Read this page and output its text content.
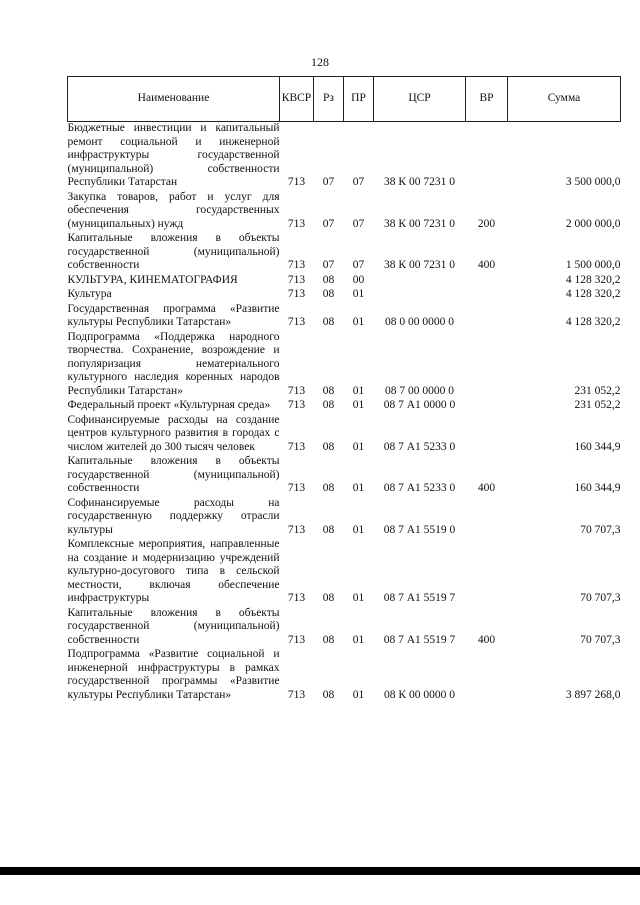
128
Наименование	КВСР	Рз	ПР	ЦСР	ВР	Сумма
Бюджетные инвестиции и капитальный ремонт социальной и инженерной инфраструктуры государственной (муниципальной) собственности Республики Татарстан	713	07	07	38 К 00 7231 0		3 500 000,0
Закупка товаров, работ и услуг для обеспечения государственных (муниципальных) нужд	713	07	07	38 К 00 7231 0	200	2 000 000,0
Капитальные вложения в объекты государственной (муниципальной) собственности	713	07	07	38 К 00 7231 0	400	1 500 000,0
КУЛЬТУРА, КИНЕМАТОГРАФИЯ	713	08	00			4 128 320,2
Культура	713	08	01			4 128 320,2
Государственная программа «Развитие культуры Республики Татарстан»	713	08	01	08 0 00 0000 0		4 128 320,2
Подпрограмма «Поддержка народного творчества. Сохранение, возрождение и популяризация нематериального культурного наследия коренных народов Республики Татарстан»	713	08	01	08 7 00 0000 0		231 052,2
Федеральный проект «Культурная среда»	713	08	01	08 7 А1 0000 0		231 052,2
Софинансируемые расходы на создание центров культурного развития в городах с числом жителей до 300 тысяч человек	713	08	01	08 7 А1 5233 0		160 344,9
Капитальные вложения в объекты государственной (муниципальной) собственности	713	08	01	08 7 А1 5233 0	400	160 344,9
Софинансируемые расходы на государственную поддержку отрасли культуры	713	08	01	08 7 А1 5519 0		70 707,3
Комплексные мероприятия, направленные на создание и модернизацию учреждений культурно-досугового типа в сельской местности, включая обеспечение инфраструктуры	713	08	01	08 7 А1 5519 7		70 707,3
Капитальные вложения в объекты государственной (муниципальной) собственности	713	08	01	08 7 А1 5519 7	400	70 707,3
Подпрограмма «Развитие социальной и инженерной инфраструктуры в рамках государственной программы «Развитие культуры Республики Татарстан»	713	08	01	08 К 00 0000 0		3 897 268,0
